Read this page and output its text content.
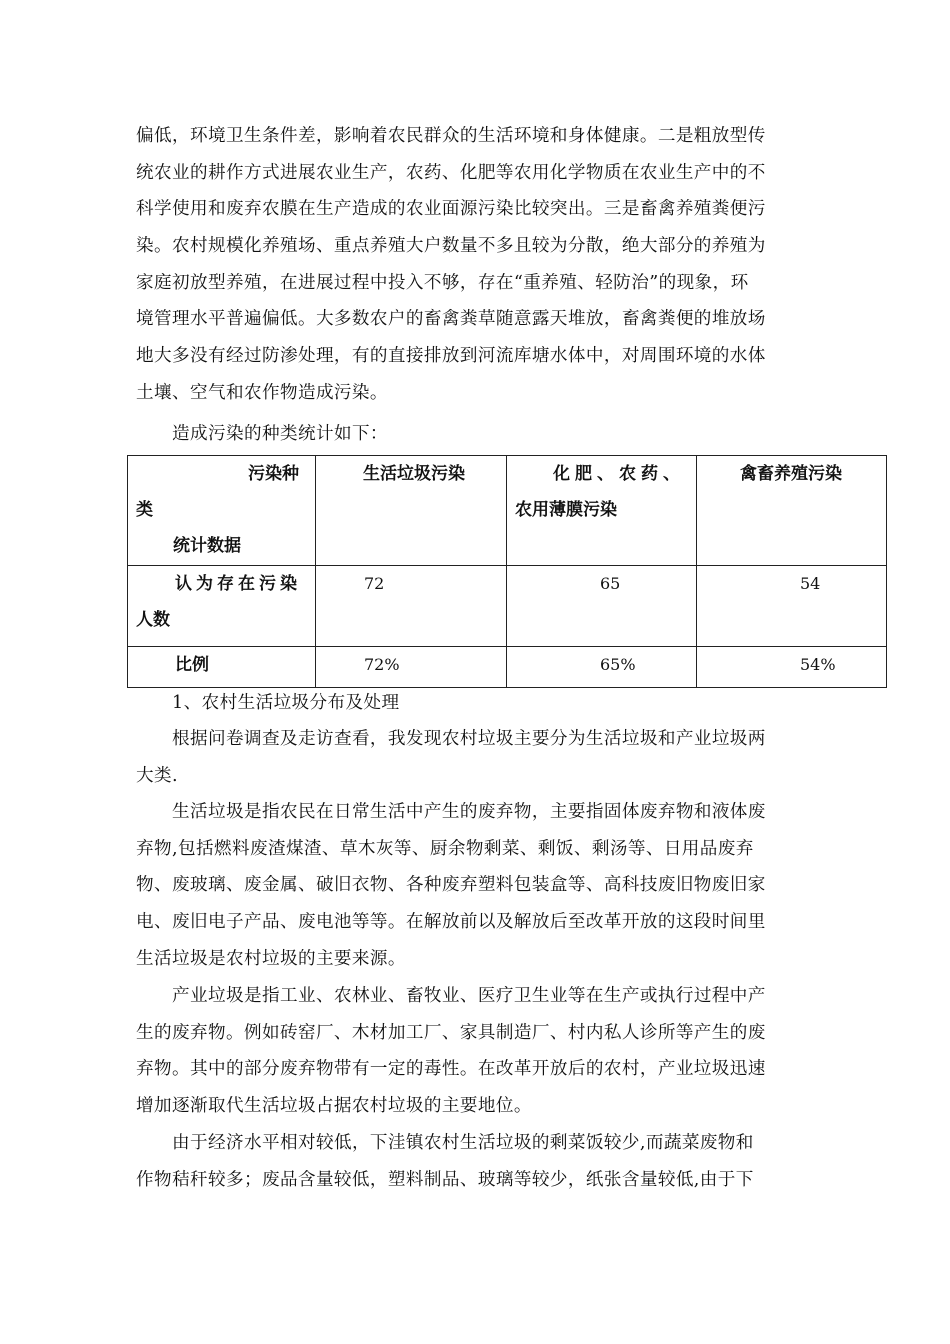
偏低，环境卫生条件差，影响着农民群众的生活环境和身体健康。二是粗放型传
统农业的耕作方式进展农业生产，农药、化肥等农用化学物质在农业生产中的不
科学使用和废弃农膜在生产造成的农业面源污染比较突出。三是畜禽养殖粪便污
染。农村规模化养殖场、重点养殖大户数量不多且较为分散，绝大部分的养殖为
家庭初放型养殖，在进展过程中投入不够，存在“重养殖、轻防治”的现象，环
境管理水平普遍偏低。大多数农户的畜禽粪草随意露天堆放，畜禽粪便的堆放场
地大多没有经过防渗处理，有的直接排放到河流库塘水体中，对周围环境的水体
土壤、空气和农作物造成污染。

造成污染的种类统计如下：

污染种
类
统计数据	生活垃圾污染	化肥、农药、
农用薄膜污染	禽畜养殖污染

认为存在污染
人数	72	65	54

比例	72%	65%	54%

1、农村生活垃圾分布及处理

根据问卷调查及走访查看，我发现农村垃圾主要分为生活垃圾和产业垃圾两
大类.
生活垃圾是指农民在日常生活中产生的废弃物，主要指固体废弃物和液体废
弃物,包括燃料废渣煤渣、草木灰等、厨余物剩菜、剩饭、剩汤等、日用品废弃
物、废玻璃、废金属、破旧衣物、各种废弃塑料包装盒等、高科技废旧物废旧家
电、废旧电子产品、废电池等等。在解放前以及解放后至改革开放的这段时间里
生活垃圾是农村垃圾的主要来源。
产业垃圾是指工业、农林业、畜牧业、医疗卫生业等在生产或执行过程中产
生的废弃物。例如砖窑厂、木材加工厂、家具制造厂、村内私人诊所等产生的废
弃物。其中的部分废弃物带有一定的毒性。在改革开放后的农村，产业垃圾迅速
增加逐渐取代生活垃圾占据农村垃圾的主要地位。
由于经济水平相对较低，下洼镇农村生活垃圾的剩菜饭较少,而蔬菜废物和
作物秸秆较多；废品含量较低，塑料制品、玻璃等较少，纸张含量较低,由于下
